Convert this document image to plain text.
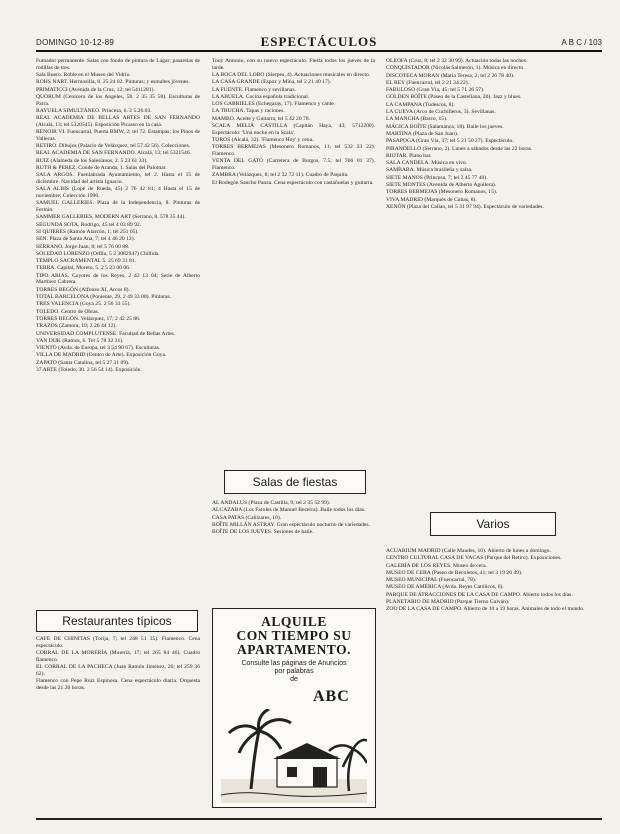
DOMINGO 10-12-89	ESPECTÁCULOS	A B C / 103

Fumador permanente. Salas con fondo de pintura de Lagar; pasarelas de rodillas de tres.

Sala Buero. Roble en el Museo del Vidrio.

ROHS NART. Hermosilla, 8. 25 24 02. Pinturas; y esmaltes jóvenes.

PRIMATICCI (Avenida de la Cruz, 12; tel 5411281).

QUORUM (Cenicero de los Angeles, 58. 2 35 35 58). Esculturas de Parra.

RAYUELA SIMULTÁNEO. Princesa, 6. 2 5.26.03.

REAL ACADEMIA DE BELLAS ARTES DE SAN FERNANDO (Alcalá, 13; tel 5320545). Esposición Picasso en la casa.

RENOIR VI. Fuencarral, Puerta BMW, 2; tel 72. Estampas; los Pinos de Vallecas.

RETIRO. Dibujos (Palacio de Velázquez, tel 57 42 56). Colecciones.

REAL ACADEMIA DE SAN FERNANDO. Alcalá, 13; tel 5321546.

RUIZ (Alameda de los Salesianos, 2. 5 23 61 33).

RUTH & PEREZ. Conde de Aranda, 1. Salas del Palomar.

SALA ARGOS. Fuenlabrada Ayuntamiento, tel 2. Hasta el 15 de diciembre. Navidad del artista Ignacio.

SALA ALBIS (Lope de Rueda, 45) 2 76 42 81; 4 Hasta el 15 de noviembre; Colección 1990.

SAMUEL GALLERIES. Plaza de la Independencia, 8. Pinturas de Fermin.

SAMMER GALLERIES, MODERN ART (Serrano, 8. 578 35 44).

SEGUNDA SOTA. Rodrigo, 45 tel 4 03 89 92.

SI QUIERES (Ramón Alarcón, 1; tel 251 05).

SEN. Plaza de Santa Ana, 7; tel 4 46 20 12).

SERRANO. Jorge Juan, 8; tel 5 76 00 88.

SOLEDAD LORENZO (Orfila, 5 2 3082947) Chillida.

TEMPLO SACRAMENTAL 5. 25 69 31 81.

TERRA. Capital, Moreto, 5. 2 5 23 00 06.

TIPO ARIAS. Coyotes de los Reyes, 2 42 13 04; Serie de Alberto Martínez Cabrera.

TORRES BEGÓN (Alfonso XI, Arcos 8).

TOTAL BARCELONA (Poniente, 29. 2 49 33 00). Pinturas.

TRES VALENCIA (Goya 25. 2 56 33 55).

TOLEDO. Centro de Obras.

TORRES BEGÓN. Velázquez, 17; 2 42 25 86.

TRAZOS (Zamora, 19; 2 26 44 12).

UNIVERSIDAD COMPLUTENSE. Facultad de Bellas Artes.

VAN DIJK (Ramos, 6. Tel 5 78 32 31).

VIENTO (Avda. de Europa, tel 3 54 90 67). Esculturas.

VILLA DE MADRID (Centro de Arte). Exposición Goya.

ZAPATO (Santa Catalina, tel 5 27 31 09).

37 ARTE (Toledo, 30. 2 56 54 14). Exposición.

Restaurantes típicos

CAFÉ DE CHINITAS (Torija, 7; tel 248 51 35). Flamenco. Cena espectáculo.

CORRAL DE LA MORERÍA (Morería, 17; tel 265 84 46). Cuadro flamenco.

EL CORRAL DE LA PACHECA (Juan Ramón Jiménez, 26; tel 259 36 62).

Flamenco con Pepe Ruiz Espinosa. Cena espectáculo diaria. Orquesta desde las 21.30 horas.

Tony Antonio, con su nuevo espectáculo. Fiesta todos los jueves de la tarde.

LA BOCA DEL LOBO (Sierpes, 4). Actuaciones musicales en directo.

LA CASA GRANDE (Espoz y Mina, tel 2 21 40 17).

LA FUENTE. Flamenco y sevillanas.

LA ABUELA. Cocina española tradicional.

LOS GABRIELES (Echegaray, 17). Flamenco y cante.

LA TRUCHA. Tapas y raciones.

MAMBO. Aceite y Guitarra, tel 5 42 20 78.

SCALA MELIÁ CASTILLA (Capitán Haya, 43; 5712200). Espectáculo: 'Una noche en la Scala'.

TOROS (Alcalá, 32). 'Flamenco Hoy' y cena.

TORRES BERMEJAS (Mesonero Romanos, 11; tel 532 33 22). Flamenco.

VENTA DEL GATO (Carretera de Burgos, 7.5; tel 766 01 37). Flamenco.

ZAMBRA (Velázquez, 8; tel 2 32 72 11). Cuadro de Paquita.

El Bodegón Sancho Panza. Cena espectáculo con castañuelas y guitarra.

Salas de fiestas

AL ANDALUS (Plaza de Castilla, 9; tel 2 35 52 99).

ALCAZABA (Los Faroles de Manuel Becerra). Baile todos los días.

CASA PATAS (Cañizares, 10).

BOÎTE MILLÁN ASTRAY. Gran espectáculo nocturno de variedades.

BOÎTE DE LOS JUEVES. Sesiones de baile.

ALQUILE
CON TIEMPO SU
APARTAMENTO.
Consulte las páginas de Anuncios
por palabras
de
ABC

OLEOFA (Cruz, 8; tel 2 32 30 99). Actuación todas las noches.

CONQUISTADOR (Nicolás Salmerón, 1). Música en directo.

DISCOTECA MORAN (Maria Teresa, 2; tel 2 26 78 40).

EL REY (Fuencarral, tel 2 21 34 22).

FABULOSO (Gran Vía, 45; tel 5 71 26 57).

GOLDEN BOÎTE (Paseo de la Castellana, 20). Jazz y blues.

LA CAMPANA (Tudescos, 8).

LA CUEVA (Arco de Cuchilleros, 3). Sevillanas.

LA MANCHA (Barco, 15).

MÁGICA BOÎTE (Salamanca, 18). Baile los jueves.

MARTINA (Plaza de San Juan).

PASAPOGA (Gran Vía, 37; tel 5 21 50 27). Espectáculo.

PIRANDELLO (Serrano, 2). Lunes a sábados desde las 22 horas.

RIOTAR. Piano bar.

SALA CANDELA. Música en vivo.

SAMBABA. Música brasileña y salsa.

SIETE MANOS (Princesa, 7; tel 2 45 77 40).

SIETE MONTES (Avenida de Alberto Aguilera).

TORRES BERMEJAS (Mesonero Romanos, 15).

VIVA MADRID (Marqués de Cubas, 8).

XENÓN (Plaza del Callao, tel 5 31 97 94). Espectáculo de variedades.

Varios

ACUARIUM MADRID (Calle Maudes, 10). Abierto de lunes a domingo.

CENTRO CULTURAL CASA DE VACAS (Parque del Retiro). Exposiciones.

GALERÍA DE LOS REYES. Museo de cera.

MUSEO DE CERA (Paseo de Recoletos, 41; tel 3 19 26 49).

MUSEO MUNICIPAL (Fuencarral, 78).

MUSEO DE AMÉRICA (Avda. Reyes Católicos, 6).

PARQUE DE ATRACCIONES DE LA CASA DE CAMPO. Abierto todos los días.

PLANETARIO DE MADRID (Parque Tierno Galván).

ZOO DE LA CASA DE CAMPO. Abierto de 10 a 19 horas. Animales de todo el mundo.
